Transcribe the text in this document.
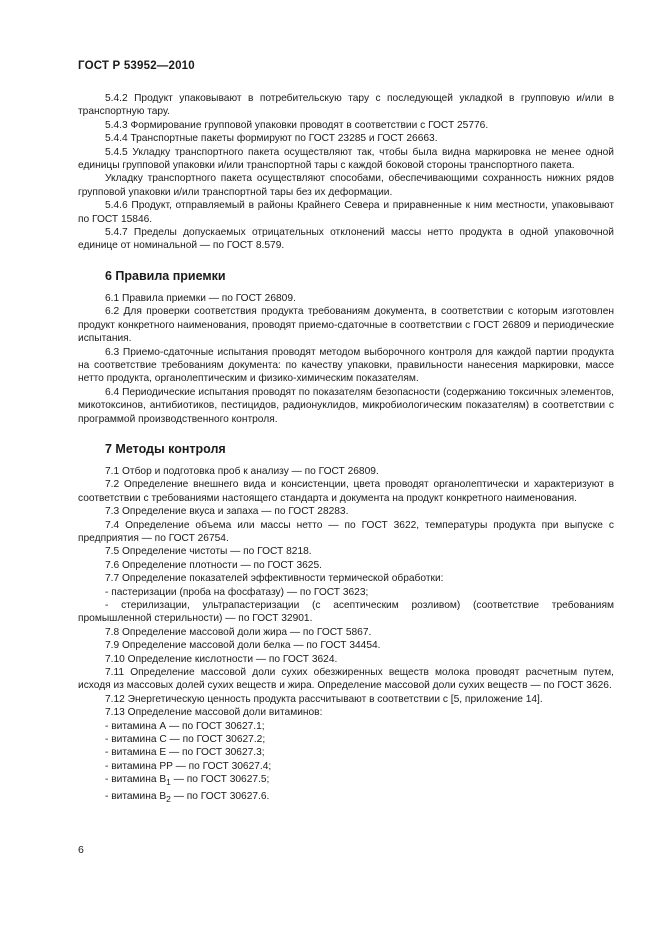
ГОСТ Р 53952—2010

5.4.2 Продукт упаковывают в потребительскую тару с последующей укладкой в групповую и/или в транспортную тару.

5.4.3 Формирование групповой упаковки проводят в соответствии с ГОСТ 25776.

5.4.4 Транспортные пакеты формируют по ГОСТ 23285 и ГОСТ 26663.

5.4.5 Укладку транспортного пакета осуществляют так, чтобы была видна маркировка не менее одной единицы групповой упаковки и/или транспортной тары с каждой боковой стороны транспортного пакета.

Укладку транспортного пакета осуществляют способами, обеспечивающими сохранность нижних рядов групповой упаковки и/или транспортной тары без их деформации.

5.4.6 Продукт, отправляемый в районы Крайнего Севера и приравненные к ним местности, упаковывают по ГОСТ 15846.

5.4.7 Пределы допускаемых отрицательных отклонений массы нетто продукта в одной упаковочной единице от номинальной — по ГОСТ 8.579.

6 Правила приемки

6.1 Правила приемки — по ГОСТ 26809.

6.2 Для проверки соответствия продукта требованиям документа, в соответствии с которым изготовлен продукт конкретного наименования, проводят приемо-сдаточные в соответствии с ГОСТ 26809 и периодические испытания.

6.3 Приемо-сдаточные испытания проводят методом выборочного контроля для каждой партии продукта на соответствие требованиям документа: по качеству упаковки, правильности нанесения маркировки, массе нетто продукта, органолептическим и физико-химическим показателям.

6.4 Периодические испытания проводят по показателям безопасности (содержанию токсичных элементов, микотоксинов, антибиотиков, пестицидов, радионуклидов, микробиологическим показателям) в соответствии с программой производственного контроля.

7 Методы контроля

7.1 Отбор и подготовка проб к анализу — по ГОСТ 26809.

7.2 Определение внешнего вида и консистенции, цвета проводят органолептически и характеризуют в соответствии с требованиями настоящего стандарта и документа на продукт конкретного наименования.

7.3 Определение вкуса и запаха — по ГОСТ 28283.

7.4 Определение объема или массы нетто — по ГОСТ 3622, температуры продукта при выпуске с предприятия — по ГОСТ 26754.

7.5 Определение чистоты — по ГОСТ 8218.

7.6 Определение плотности — по ГОСТ 3625.

7.7 Определение показателей эффективности термической обработки:

- пастеризации (проба на фосфатазу) — по ГОСТ 3623;

- стерилизации, ультрапастеризации (с асептическим розливом) (соответствие требованиям промышленной стерильности) — по ГОСТ 32901.

7.8 Определение массовой доли жира — по ГОСТ 5867.

7.9 Определение массовой доли белка — по ГОСТ 34454.

7.10 Определение кислотности — по ГОСТ 3624.

7.11 Определение массовой доли сухих обезжиренных веществ молока проводят расчетным путем, исходя из массовых долей сухих веществ и жира. Определение массовой доли сухих веществ — по ГОСТ 3626.

7.12 Энергетическую ценность продукта рассчитывают в соответствии с [5, приложение 14].

7.13 Определение массовой доли витаминов:

- витамина А — по ГОСТ 30627.1;

- витамина С — по ГОСТ 30627.2;

- витамина Е — по ГОСТ 30627.3;

- витамина PP — по ГОСТ 30627.4;

- витамина $B_1$ — по ГОСТ 30627.5;

- витамина $B_2$ — по ГОСТ 30627.6.

6
